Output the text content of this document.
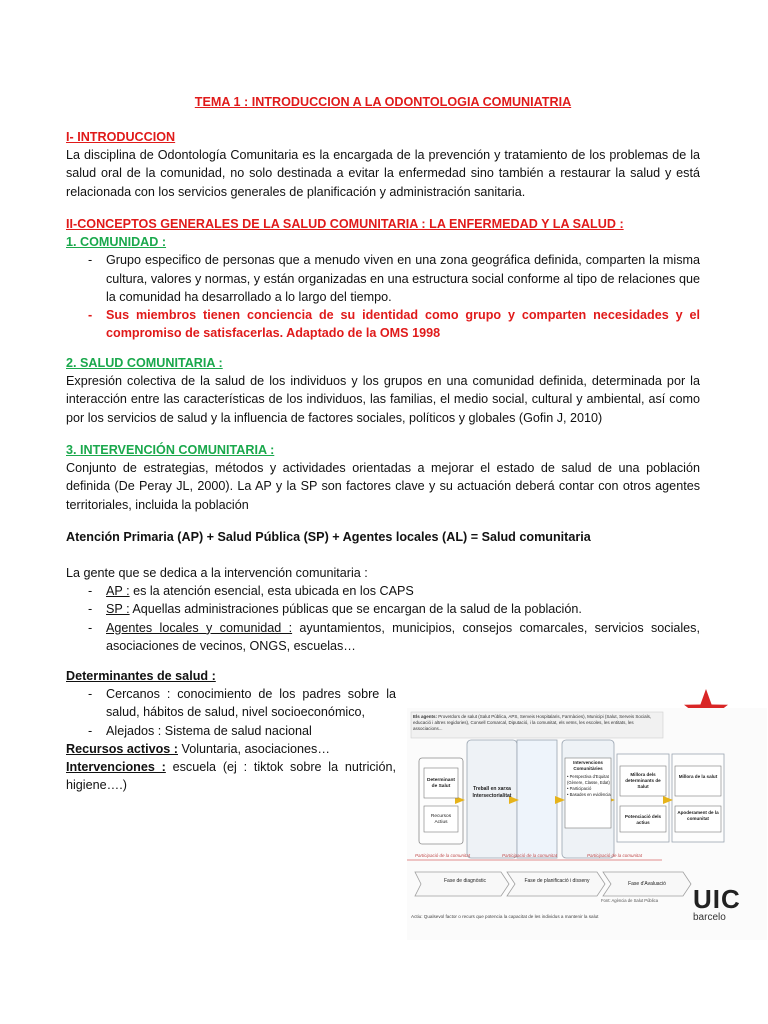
TEMA 1 : INTRODUCCION A LA ODONTOLOGIA COMUNIATRIA
I- INTRODUCCION

La disciplina de Odontología Comunitaria es la encargada de la prevención y tratamiento de los problemas de la salud oral de la comunidad, no solo destinada a evitar la enfermedad sino también a restaurar la salud y está relacionada con los servicios generales de planificación y administración sanitaria.

II-CONCEPTOS GENERALES DE LA SALUD COMUNITARIA : LA ENFERMEDAD Y LA SALUD :
1. COMUNIDAD :
- Grupo especifico de personas que a menudo viven en una zona geográfica definida, comparten la misma cultura, valores y normas, y están organizadas en una estructura social conforme al tipo de relaciones que la comunidad ha desarrollado a lo largo del tiempo.
- Sus miembros tienen conciencia de su identidad como grupo y comparten necesidades y el compromiso de satisfacerlas. Adaptado de la OMS 1998
2. SALUD COMUNITARIA :

Expresión colectiva de la salud de los individuos y los grupos en una comunidad definida, determinada por la interacción entre las características de los individuos, las familias, el medio social, cultural y ambiental, así como por los servicios de salud y la influencia de factores sociales, políticos y globales (Gofin J, 2010)

3. INTERVENCIÓN COMUNITARIA :

Conjunto de estrategias, métodos y actividades orientadas a mejorar el estado de salud de una población definida (De Peray JL, 2000). La AP y la SP son factores clave y su actuación deberá contar con otros agentes territoriales, incluida la población

Atención Primaria (AP) + Salud Pública (SP) + Agentes locales (AL) = Salud comunitaria
La gente que se dedica a la intervención comunitaria :
- AP : es la atención esencial, esta ubicada en los CAPS
- SP : Aquellas administraciones públicas que se encargan de la salud de la población.
- Agentes locales y comunidad : ayuntamientos, municipios, consejos comarcales, servicios sociales, asociaciones de vecinos, ONGS, escuelas…
Determinantes de salud :
- Cercanos : conocimiento de los padres sobre la salud, hábitos de salud, nivel socioeconómico,
- Alejados : Sistema de salud nacional
Recursos activos : Voluntaria, asociaciones…
Intervenciones : escuela (ej : tiktok sobre la nutrición, higiene….)
Els agents: Proveïdors de salut (Salut Pública, APS, Serveis Hospitalaris, Farmàcies), Municipi (Salut, Serveis Socials, educació i altres regidories), Consell Comarcal, Diputació, i la comunitat, els veïns, les escoles, les entitats, les associacions...
Determinant de Salut
Recursos Actius
Treball en xarxa Intersectorialitat
Intervencions Comunitàries
• Perspectiva d'Equitat (Gènere, Classe, Edat)
• Participació
• Basades en evidència
Millora dels determinants de Salut
Potenciació dels actius
Millora de la salut
Apoderament de la comunitat
Participació de la comunitat	Participació de la comunitat	Participació de la comunitat
Fase de diagnòstic	Fase de planificació i disseny	Fase d'Avaluació
Font: Agència de Salut Pública UIC
barcelo
Actiu: Qualsevol factor o recurs que potencia la capacitat de les individus a mantenir la salut
